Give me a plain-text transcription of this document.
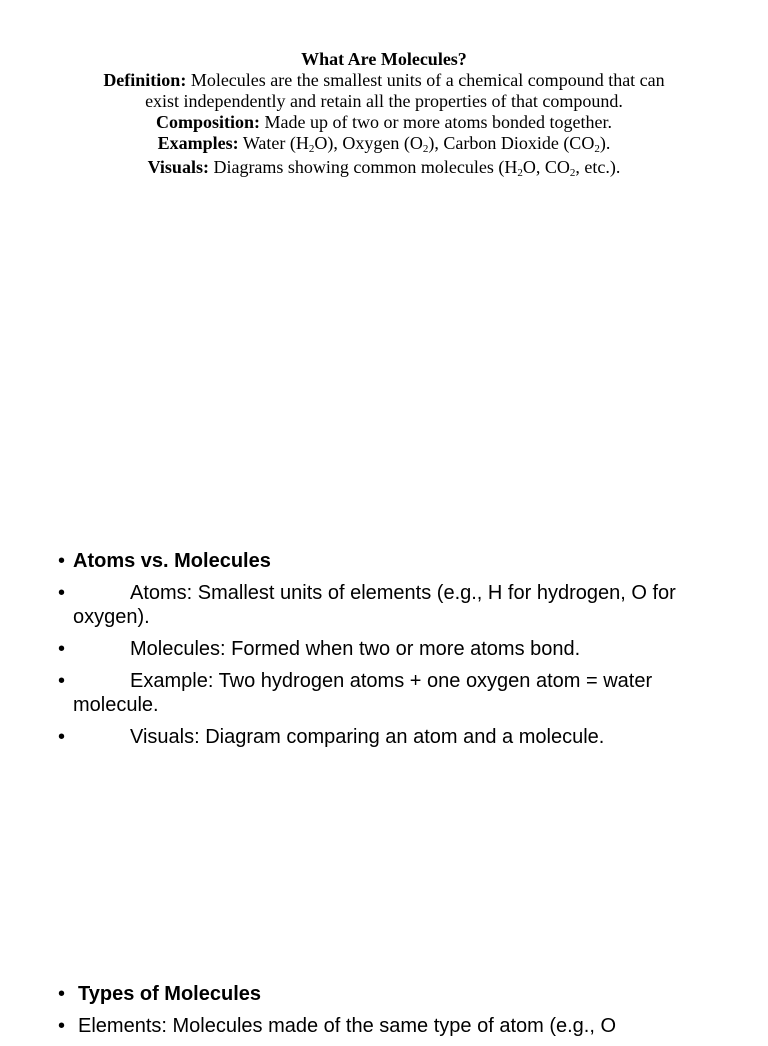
What Are Molecules?
Definition: Molecules are the smallest units of a chemical compound that can exist independently and retain all the properties of that compound.
Composition: Made up of two or more atoms bonded together.
Examples: Water (H2O), Oxygen (O2), Carbon Dioxide (CO2).
Visuals: Diagrams showing common molecules (H2O, CO2, etc.).
• Atoms vs. Molecules
•	Atoms: Smallest units of elements (e.g., H for hydrogen, O for oxygen).
•	Molecules: Formed when two or more atoms bond.
•	Example: Two hydrogen atoms + one oxygen atom = water molecule.
•	Visuals: Diagram comparing an atom and a molecule.
• Types of Molecules
• Elements: Molecules made of the same type of atom (e.g., O
